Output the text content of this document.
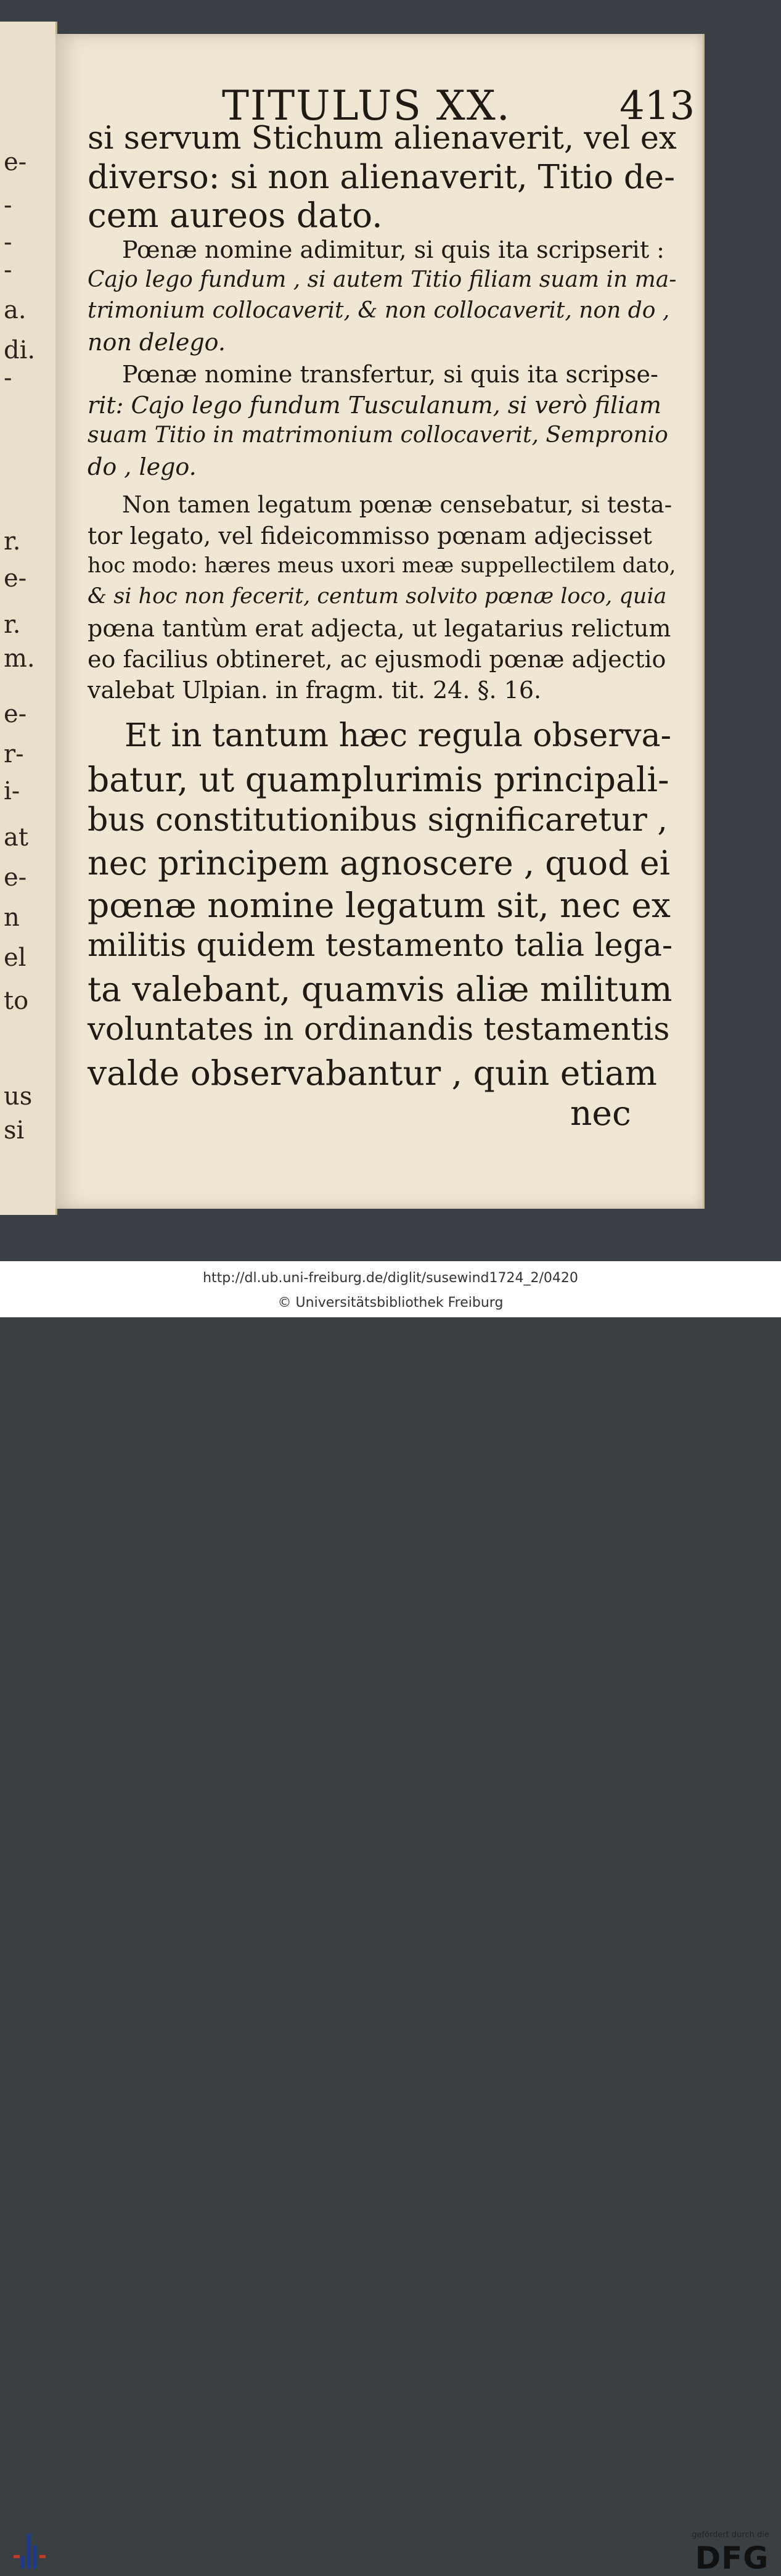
e-
-
-
-
a.
di.
-
r.
e-
r.
m.
e-
r-
i-
at
e-
n
el
to
us
si
TITULUS XX.	413
si servum Stichum alienaverit, vel ex
diverso: si non alienaverit, Titio de-
cem aureos dato.
Pœnæ nomine adimitur, si quis ita scripserit :
Cajo lego fundum , si autem Titio filiam suam in ma-
trimonium collocaverit, & non collocaverit, non do ,
non delego.
Pœnæ nomine transfertur, si quis ita scripse-
rit: Cajo lego fundum Tusculanum, si verò filiam
suam Titio in matrimonium collocaverit, Sempronio
do , lego.
Non tamen legatum pœnæ censebatur, si testa-
tor legato, vel fideicommisso pœnam adjecisset
hoc modo: hæres meus uxori meæ suppellectilem dato,
& si hoc non fecerit, centum solvito pœnæ loco, quia
pœna tantùm erat adjecta, ut legatarius relictum
eo facilius obtineret, ac ejusmodi pœnæ adjectio
valebat Ulpian. in fragm. tit. 24. §. 16.
Et in tantum hæc regula observa-
batur, ut quamplurimis principali-
bus constitutionibus significaretur ,
nec principem agnoscere , quod ei
pœnæ nomine legatum sit, nec ex
militis quidem testamento talia lega-
ta valebant, quamvis aliæ militum
voluntates in ordinandis testamentis
valde observabantur , quin etiam
nec
gefördert durch die
DFG
http://dl.ub.uni-freiburg.de/diglit/susewind1724_2/0420
© Universitätsbibliothek Freiburg
